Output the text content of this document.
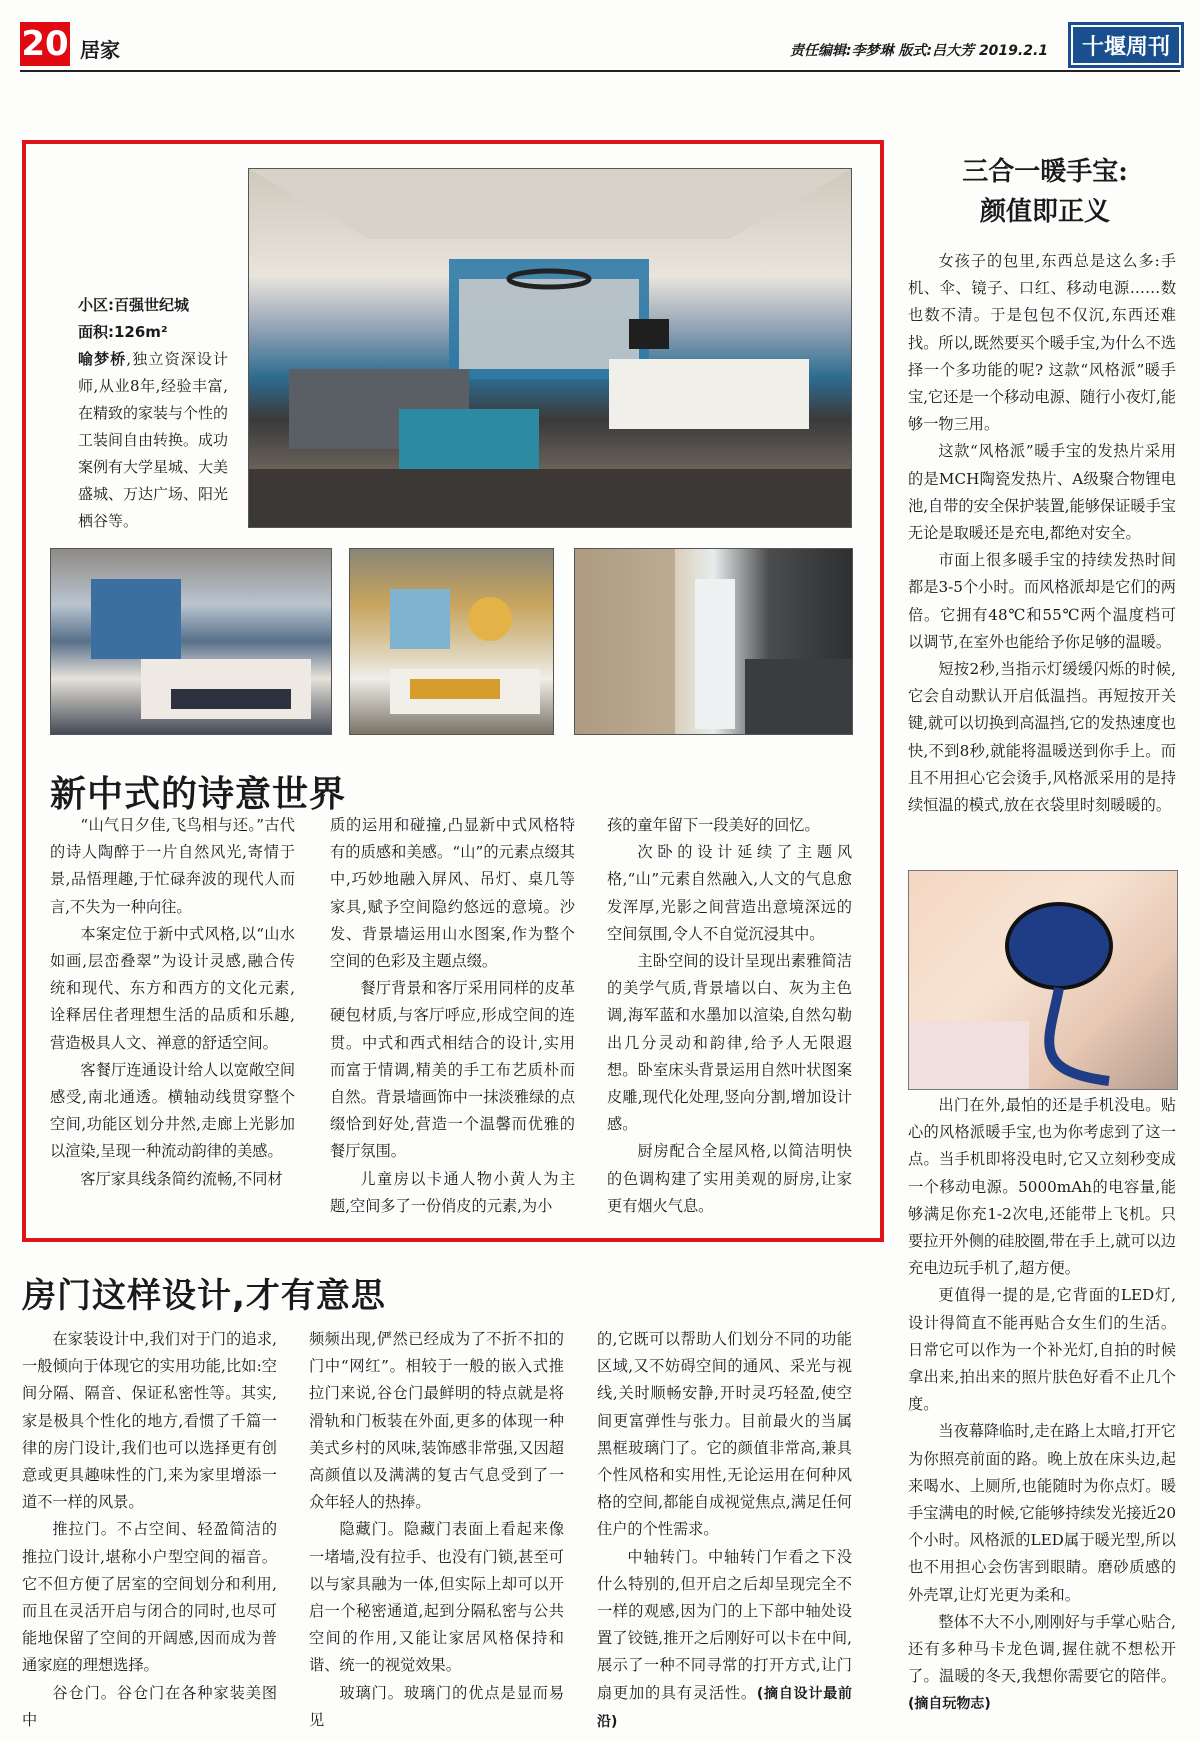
20 居家	责任编辑:李梦琳 版式:吕大芳 2019.2.1	十堰周刊
小区:百强世纪城
面积:126m²
喻梦桥,独立资深设计师,从业8年,经验丰富,在精致的家装与个性的工装间自由转换。成功案例有大学星城、大美盛城、万达广场、阳光栖谷等。
新中式的诗意世界

“山气日夕佳,飞鸟相与还。”古代的诗人陶醉于一片自然风光,寄情于景,品悟理趣,于忙碌奔波的现代人而言,不失为一种向往。

本案定位于新中式风格,以“山水如画,层峦叠翠”为设计灵感,融合传统和现代、东方和西方的文化元素,诠释居住者理想生活的品质和乐趣,营造极具人文、禅意的舒适空间。

客餐厅连通设计给人以宽敞空间感受,南北通透。横轴动线贯穿整个空间,功能区划分井然,走廊上光影加以渲染,呈现一种流动韵律的美感。

客厅家具线条简约流畅,不同材

质的运用和碰撞,凸显新中式风格特有的质感和美感。“山”的元素点缀其中,巧妙地融入屏风、吊灯、桌几等家具,赋予空间隐约悠远的意境。沙发、背景墙运用山水图案,作为整个空间的色彩及主题点缀。

餐厅背景和客厅采用同样的皮革硬包材质,与客厅呼应,形成空间的连贯。中式和西式相结合的设计,实用而富于情调,精美的手工布艺质朴而自然。背景墙画饰中一抹淡雅绿的点缀恰到好处,营造一个温馨而优雅的餐厅氛围。

儿童房以卡通人物小黄人为主题,空间多了一份俏皮的元素,为小

孩的童年留下一段美好的回忆。

次卧的设计延续了主题风格,“山”元素自然融入,人文的气息愈发浑厚,光影之间营造出意境深远的空间氛围,令人不自觉沉浸其中。

主卧空间的设计呈现出素雅简洁的美学气质,背景墙以白、灰为主色调,海军蓝和水墨加以渲染,自然勾勒出几分灵动和韵律,给予人无限遐想。卧室床头背景运用自然叶状图案皮雕,现代化处理,竖向分割,增加设计感。

厨房配合全屋风格,以简洁明快的色调构建了实用美观的厨房,让家更有烟火气息。

三合一暖手宝:
颜值即正义

女孩子的包里,东西总是这么多:手机、伞、镜子、口红、移动电源……数也数不清。于是包包不仅沉,东西还难找。所以,既然要买个暖手宝,为什么不选择一个多功能的呢? 这款“风格派”暖手宝,它还是一个移动电源、随行小夜灯,能够一物三用。

这款“风格派”暖手宝的发热片采用的是MCH陶瓷发热片、A级聚合物锂电池,自带的安全保护装置,能够保证暖手宝无论是取暖还是充电,都绝对安全。

市面上很多暖手宝的持续发热时间都是3-5个小时。而风格派却是它们的两倍。它拥有48℃和55℃两个温度档可以调节,在室外也能给予你足够的温暖。

短按2秒,当指示灯缓缓闪烁的时候,它会自动默认开启低温挡。再短按开关键,就可以切换到高温挡,它的发热速度也快,不到8秒,就能将温暖送到你手上。而且不用担心它会烫手,风格派采用的是持续恒温的模式,放在衣袋里时刻暖暖的。

出门在外,最怕的还是手机没电。贴心的风格派暖手宝,也为你考虑到了这一点。当手机即将没电时,它又立刻秒变成一个移动电源。5000mAh的电容量,能够满足你充1-2次电,还能带上飞机。只要拉开外侧的硅胶圈,带在手上,就可以边充电边玩手机了,超方便。

更值得一提的是,它背面的LED灯,设计得简直不能再贴合女生们的生活。日常它可以作为一个补光灯,自拍的时候拿出来,拍出来的照片肤色好看不止几个度。

当夜幕降临时,走在路上太暗,打开它为你照亮前面的路。晚上放在床头边,起来喝水、上厕所,也能随时为你点灯。暖手宝满电的时候,它能够持续发光接近20个小时。风格派的LED属于暖光型,所以也不用担心会伤害到眼睛。磨砂质感的外壳罩,让灯光更为柔和。

整体不大不小,刚刚好与手掌心贴合,还有多种马卡龙色调,握住就不想松开了。温暖的冬天,我想你需要它的陪伴。 (摘自玩物志)

房门这样设计,才有意思

在家装设计中,我们对于门的追求,一般倾向于体现它的实用功能,比如:空间分隔、隔音、保证私密性等。其实,家是极具个性化的地方,看惯了千篇一律的房门设计,我们也可以选择更有创意或更具趣味性的门,来为家里增添一道不一样的风景。

推拉门。不占空间、轻盈简洁的推拉门设计,堪称小户型空间的福音。它不但方便了居室的空间划分和利用,而且在灵活开启与闭合的同时,也尽可能地保留了空间的开阔感,因而成为普通家庭的理想选择。

谷仓门。谷仓门在各种家装美图中

频频出现,俨然已经成为了不折不扣的门中“网红”。相较于一般的嵌入式推拉门来说,谷仓门最鲜明的特点就是将滑轨和门板装在外面,更多的体现一种美式乡村的风味,装饰感非常强,又因超高颜值以及满满的复古气息受到了一众年轻人的热捧。

隐藏门。隐藏门表面上看起来像一堵墙,没有拉手、也没有门锁,甚至可以与家具融为一体,但实际上却可以开启一个秘密通道,起到分隔私密与公共空间的作用,又能让家居风格保持和谐、统一的视觉效果。

玻璃门。玻璃门的优点是显而易见

的,它既可以帮助人们划分不同的功能区域,又不妨碍空间的通风、采光与视线,关时顺畅安静,开时灵巧轻盈,使空间更富弹性与张力。目前最火的当属黑框玻璃门了。它的颜值非常高,兼具个性风格和实用性,无论运用在何种风格的空间,都能自成视觉焦点,满足任何住户的个性需求。

中轴转门。中轴转门乍看之下没什么特别的,但开启之后却呈现完全不一样的观感,因为门的上下部中轴处设置了铰链,推开之后刚好可以卡在中间,展示了一种不同寻常的打开方式,让门扇更加的具有灵活性。(摘自设计最前沿)
